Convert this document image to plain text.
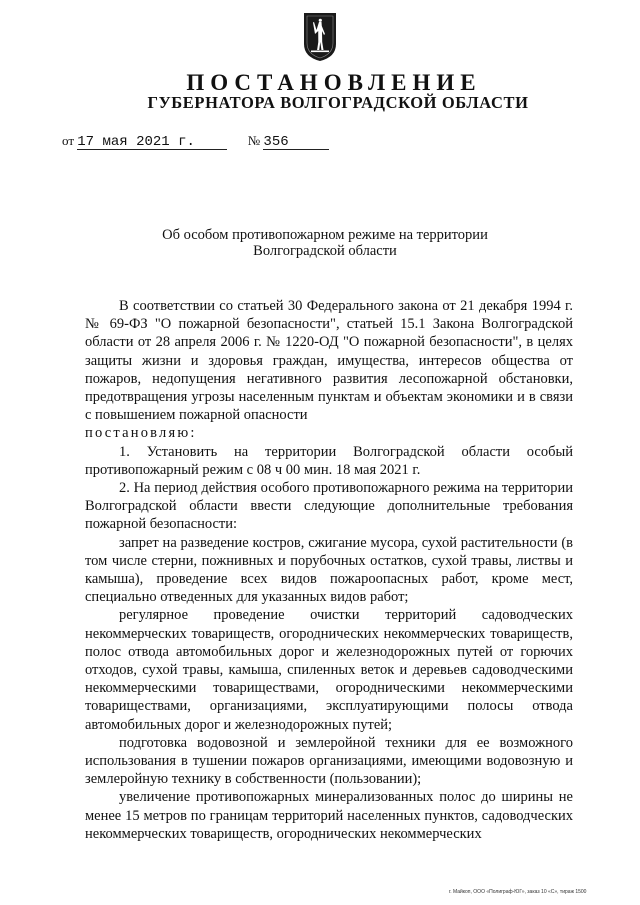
ПОСТАНОВЛЕНИЕ
ГУБЕРНАТОРА ВОЛГОГРАДСКОЙ ОБЛАСТИ
от 17 мая 2021 г.	№ 356
Об особом противопожарном режиме на территории
Волгоградской области

В соответствии со статьей 30 Федерального закона от 21 декабря 1994 г. № 69-ФЗ "О пожарной безопасности", статьей 15.1 Закона Волгоградской области от 28 апреля 2006 г. № 1220-ОД "О пожарной безопасности", в целях защиты жизни и здоровья граждан, имущества, интересов общества от пожаров, недопущения негативного развития лесопожарной обстановки, предотвращения угрозы населенным пунктам и объектам экономики и в связи с повышением пожарной опасности

постановляю:

1. Установить на территории Волгоградской области особый противопожарный режим с 08 ч 00 мин. 18 мая 2021 г.

2. На период действия особого противопожарного режима на территории Волгоградской области ввести следующие дополнительные требования пожарной безопасности:

запрет на разведение костров, сжигание мусора, сухой растительности (в том числе стерни, пожнивных и порубочных остатков, сухой травы, листвы и камыша), проведение всех видов пожароопасных работ, кроме мест, специально отведенных для указанных видов работ;

регулярное проведение очистки территорий садоводческих некоммерческих товариществ, огороднических некоммерческих товариществ, полос отвода автомобильных дорог и железнодорожных путей от горючих отходов, сухой травы, камыша, спиленных веток и деревьев садоводческими некоммерческими товариществами, огородническими некоммерческими товариществами, организациями, эксплуатирующими полосы отвода автомобильных дорог и железнодорожных путей;

подготовка водовозной и землеройной техники для ее возможного использования в тушении пожаров организациями, имеющими водовозную и землеройную технику в собственности (пользовании);

увеличение противопожарных минерализованных полос до ширины не менее 15 метров по границам территорий населенных пунктов, садоводческих некоммерческих товариществ, огороднических некоммерческих

г. Майкоп, ООО «Полиграф-ЮГ», заказ 10 «С», тираж 1500
